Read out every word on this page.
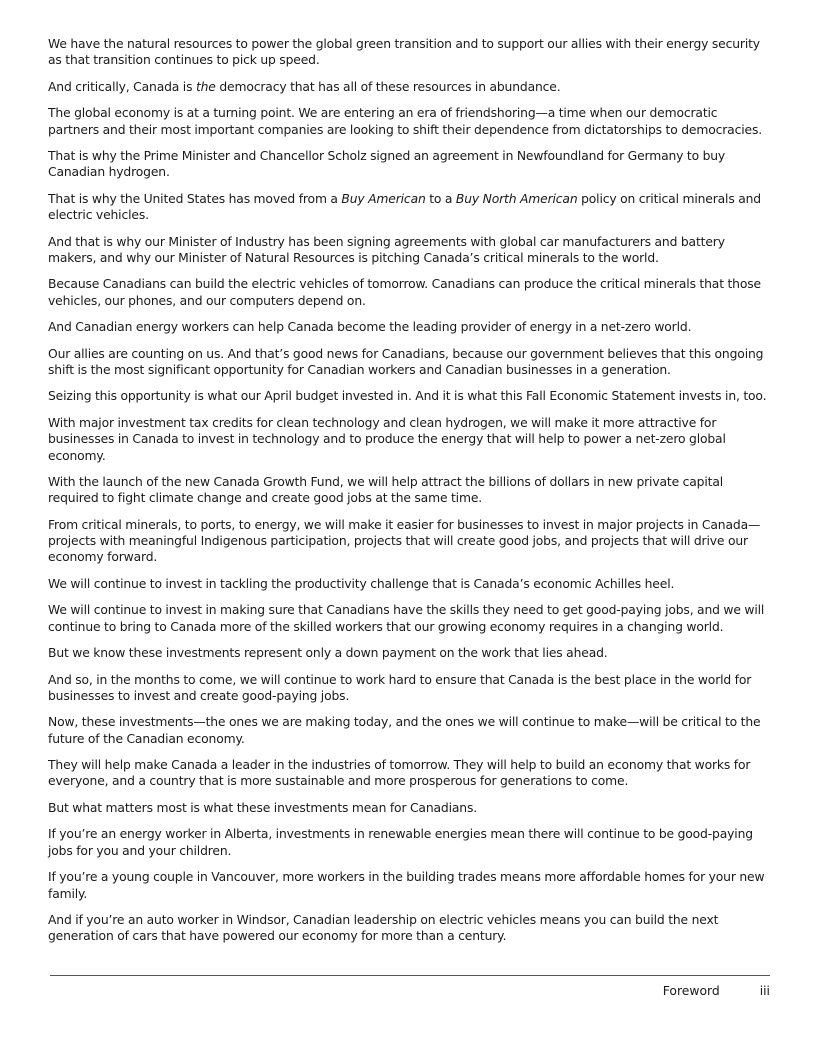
We have the natural resources to power the global green transition and to support our allies with their energy security as that transition continues to pick up speed.

And critically, Canada is the democracy that has all of these resources in abundance.

The global economy is at a turning point. We are entering an era of friendshoring—a time when our democratic partners and their most important companies are looking to shift their dependence from dictatorships to democracies.

That is why the Prime Minister and Chancellor Scholz signed an agreement in Newfoundland for Germany to buy Canadian hydrogen.

That is why the United States has moved from a Buy American to a Buy North American policy on critical minerals and electric vehicles.

And that is why our Minister of Industry has been signing agreements with global car manufacturers and battery makers, and why our Minister of Natural Resources is pitching Canada’s critical minerals to the world.

Because Canadians can build the electric vehicles of tomorrow. Canadians can produce the critical minerals that those vehicles, our phones, and our computers depend on.

And Canadian energy workers can help Canada become the leading provider of energy in a net-zero world.

Our allies are counting on us. And that’s good news for Canadians, because our government believes that this ongoing shift is the most significant opportunity for Canadian workers and Canadian businesses in a generation.

Seizing this opportunity is what our April budget invested in. And it is what this Fall Economic Statement invests in, too.

With major investment tax credits for clean technology and clean hydrogen, we will make it more attractive for businesses in Canada to invest in technology and to produce the energy that will help to power a net-zero global economy.

With the launch of the new Canada Growth Fund, we will help attract the billions of dollars in new private capital required to fight climate change and create good jobs at the same time.

From critical minerals, to ports, to energy, we will make it easier for businesses to invest in major projects in Canada—projects with meaningful Indigenous participation, projects that will create good jobs, and projects that will drive our economy forward.

We will continue to invest in tackling the productivity challenge that is Canada’s economic Achilles heel.

We will continue to invest in making sure that Canadians have the skills they need to get good-paying jobs, and we will continue to bring to Canada more of the skilled workers that our growing economy requires in a changing world.

But we know these investments represent only a down payment on the work that lies ahead.

And so, in the months to come, we will continue to work hard to ensure that Canada is the best place in the world for businesses to invest and create good-paying jobs.

Now, these investments—the ones we are making today, and the ones we will continue to make—will be critical to the future of the Canadian economy.

They will help make Canada a leader in the industries of tomorrow. They will help to build an economy that works for everyone, and a country that is more sustainable and more prosperous for generations to come.

But what matters most is what these investments mean for Canadians.

If you’re an energy worker in Alberta, investments in renewable energies mean there will continue to be good-paying jobs for you and your children.

If you’re a young couple in Vancouver, more workers in the building trades means more affordable homes for your new family.

And if you’re an auto worker in Windsor, Canadian leadership on electric vehicles means you can build the next generation of cars that have powered our economy for more than a century.

Foreword	iii
